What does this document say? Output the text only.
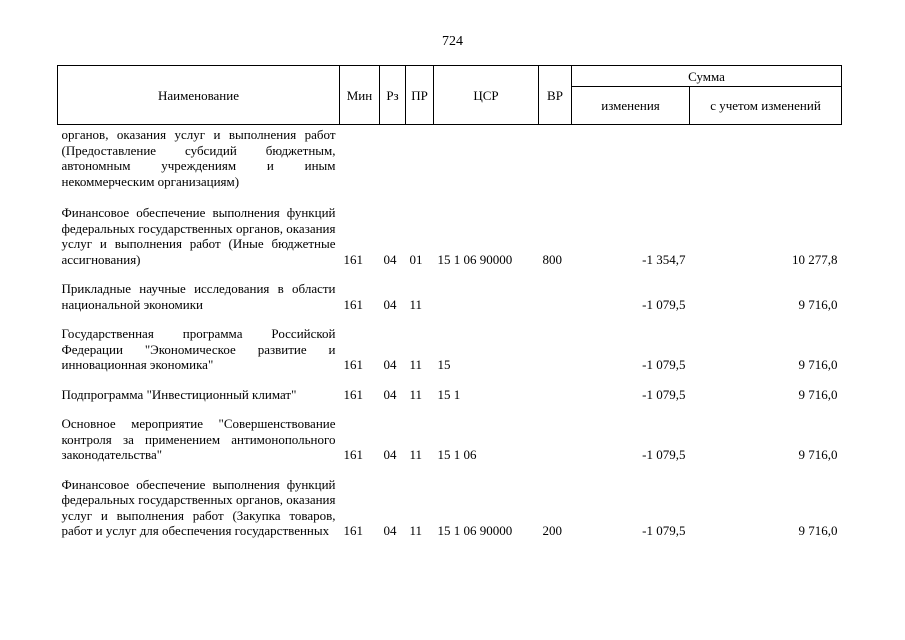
724
Наименование	Мин	Рз	ПР	ЦСР	ВР	Сумма	
						изменения	с учетом изменений
органов, оказания услуг и выполнения работ (Предоставление субсидий бюджетным, автономным учреждениям и иным некоммерческим организациям)							
Финансовое обеспечение выполнения функций федеральных государственных органов, оказания услуг и выполнения работ (Иные бюджетные ассигнования)	161	04	01	15 1 06 90000	800	-1 354,7	10 277,8
Прикладные научные исследования в области национальной экономики	161	04	11			-1 079,5	9 716,0
Государственная программа Российской Федерации "Экономическое развитие и инновационная экономика"	161	04	11	15		-1 079,5	9 716,0
Подпрограмма "Инвестиционный климат"	161	04	11	15 1		-1 079,5	9 716,0
Основное мероприятие "Совершенствование контроля за применением антимонопольного законодательства"	161	04	11	15 1 06		-1 079,5	9 716,0
Финансовое обеспечение выполнения функций федеральных государственных органов, оказания услуг и выполнения работ (Закупка товаров, работ и услуг для обеспечения государственных	161	04	11	15 1 06 90000	200	-1 079,5	9 716,0
